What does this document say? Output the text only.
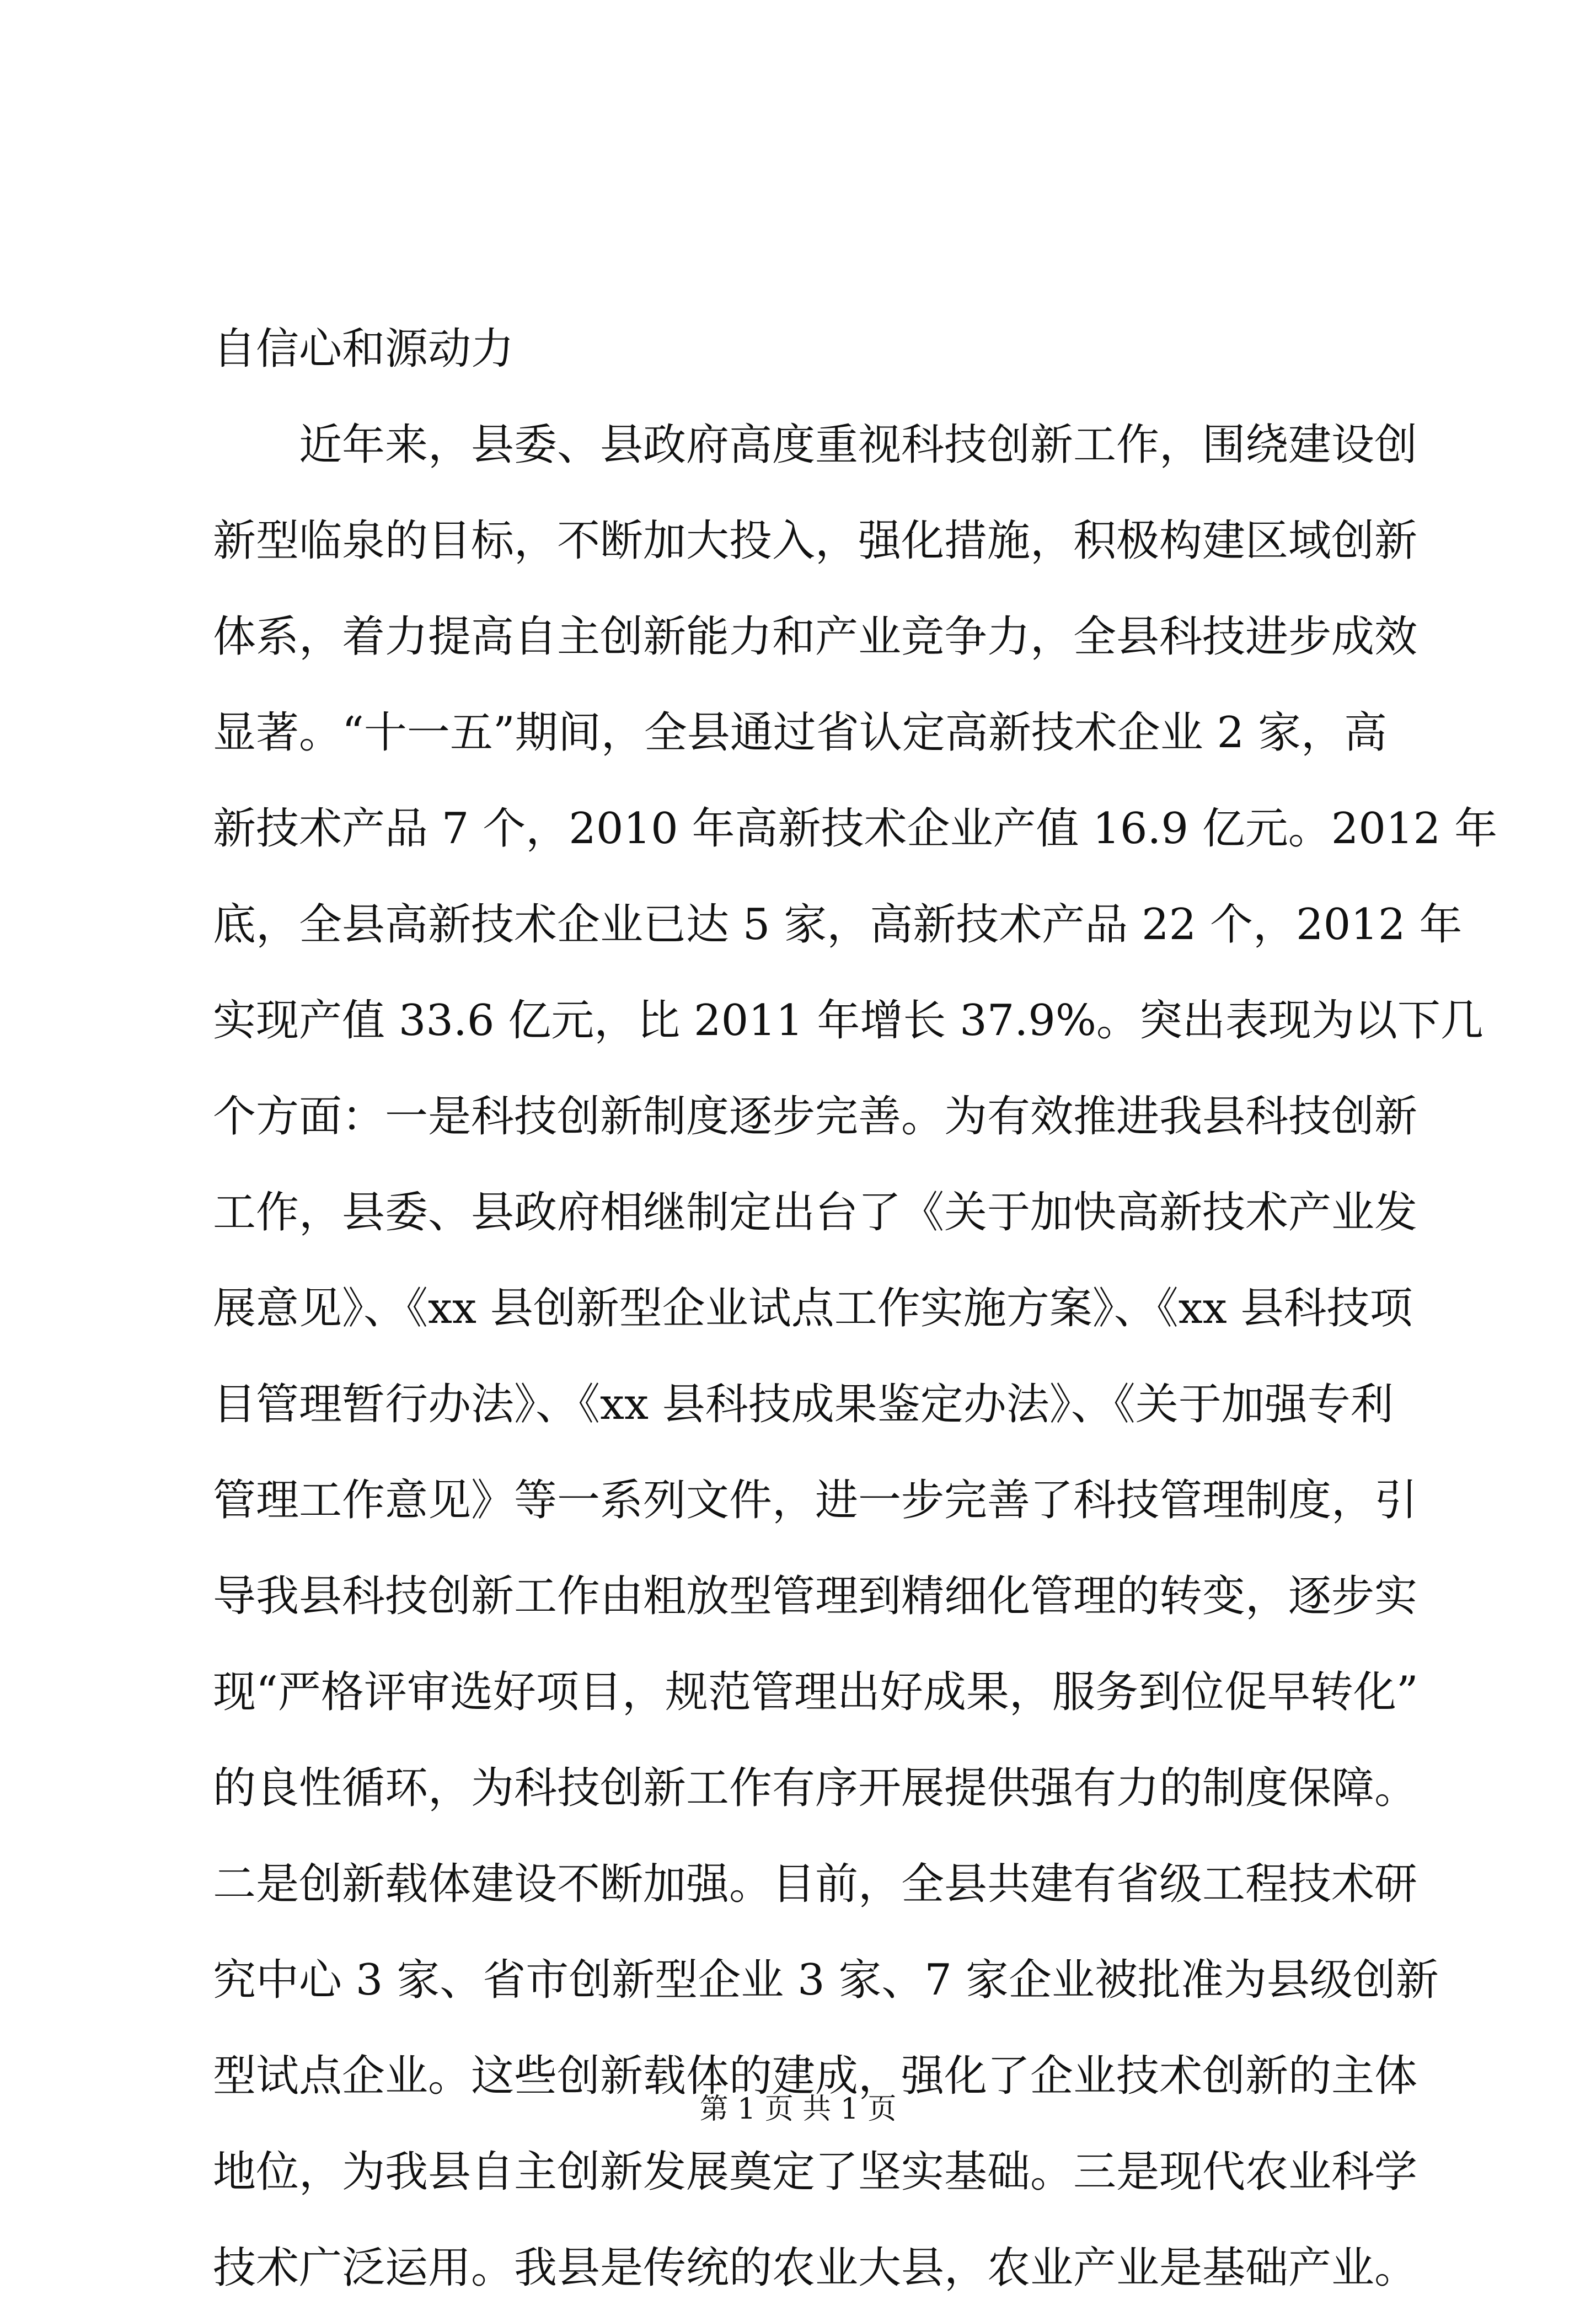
自信心和源动力
近年来，县委、县政府高度重视科技创新工作，围绕建设创
新型临泉的目标，不断加大投入，强化措施，积极构建区域创新
体系，着力提高自主创新能力和产业竞争力，全县科技进步成效
显著。“十一五”期间，全县通过省认定高新技术企业 2 家，高
新技术产品 7 个，2010 年高新技术企业产值 16.9 亿元。2012 年
底，全县高新技术企业已达 5 家，高新技术产品 22 个，2012 年
实现产值 33.6 亿元，比 2011 年增长 37.9%。突出表现为以下几
个方面：一是科技创新制度逐步完善。为有效推进我县科技创新
工作，县委、县政府相继制定出台了《关于加快高新技术产业发
展意见》、《xx 县创新型企业试点工作实施方案》、《xx 县科技项
目管理暂行办法》、《xx 县科技成果鉴定办法》、《关于加强专利
管理工作意见》等一系列文件，进一步完善了科技管理制度，引
导我县科技创新工作由粗放型管理到精细化管理的转变，逐步实
现“严格评审选好项目，规范管理出好成果，服务到位促早转化”
的良性循环，为科技创新工作有序开展提供强有力的制度保障。
二是创新载体建设不断加强。目前，全县共建有省级工程技术研
究中心 3 家、省市创新型企业 3 家、7 家企业被批准为县级创新
型试点企业。这些创新载体的建成，强化了企业技术创新的主体
地位，为我县自主创新发展奠定了坚实基础。三是现代农业科学
技术广泛运用。我县是传统的农业大县，农业产业是基础产业。
第 1 页 共 1 页
